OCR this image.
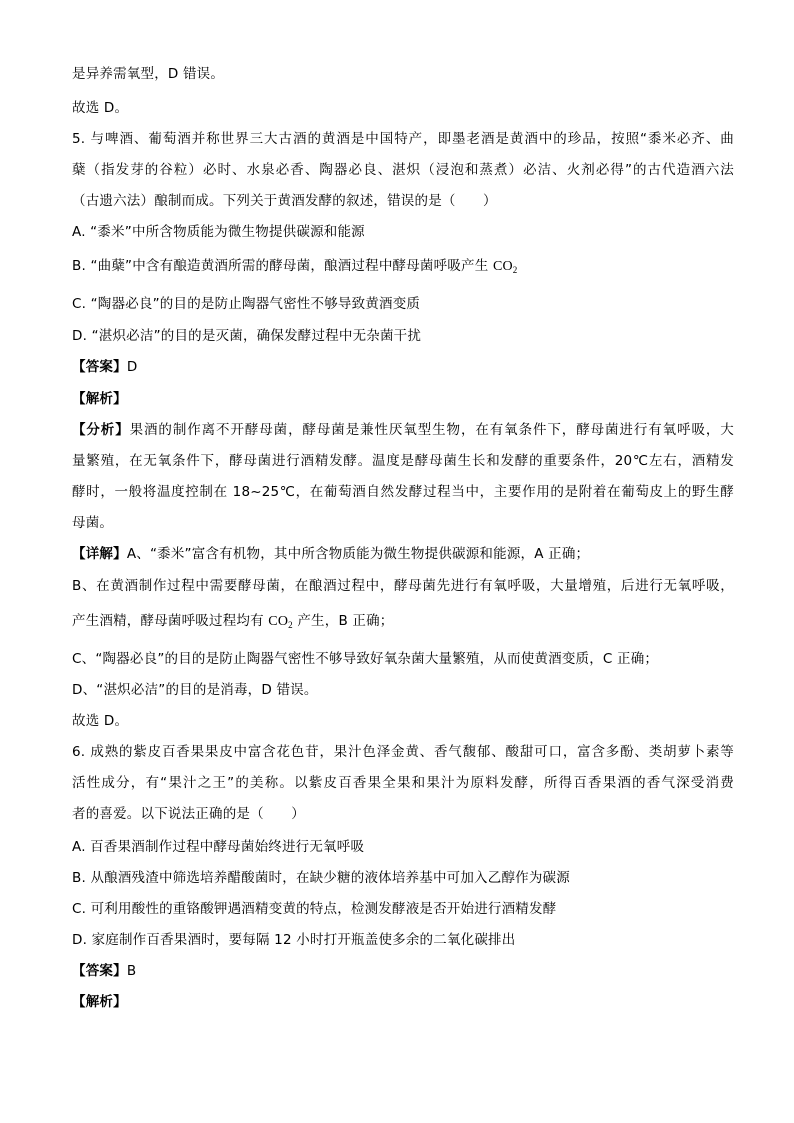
是异养需氧型，D 错误。
故选 D。
5. 与啤酒、葡萄酒并称世界三大古酒的黄酒是中国特产，即墨老酒是黄酒中的珍品，按照“黍米必齐、曲
蘖（指发芽的谷粒）必时、水泉必香、陶器必良、湛炽（浸泡和蒸煮）必洁、火剂必得”的古代造酒六法
（古遗六法）酿制而成。下列关于黄酒发酵的叙述，错误的是（　　）
A. “黍米”中所含物质能为微生物提供碳源和能源
B. “曲蘖”中含有酿造黄酒所需的酵母菌，酿酒过程中酵母菌呼吸产生 $CO_2$
C. “陶器必良”的目的是防止陶器气密性不够导致黄酒变质
D. “湛炽必洁”的目的是灭菌，确保发酵过程中无杂菌干扰
【答案】D
【解析】
【分析】果酒的制作离不开酵母菌，酵母菌是兼性厌氧型生物，在有氧条件下，酵母菌进行有氧呼吸，大
量繁殖，在无氧条件下，酵母菌进行酒精发酵。温度是酵母菌生长和发酵的重要条件，20℃左右，酒精发
酵时，一般将温度控制在 18~25℃，在葡萄酒自然发酵过程当中，主要作用的是附着在葡萄皮上的野生酵
母菌。
【详解】A、“黍米”富含有机物，其中所含物质能为微生物提供碳源和能源，A 正确；
B、在黄酒制作过程中需要酵母菌，在酿酒过程中，酵母菌先进行有氧呼吸，大量增殖，后进行无氧呼吸，
产生酒精，酵母菌呼吸过程均有 $CO_2$ 产生，B 正确；
C、“陶器必良”的目的是防止陶器气密性不够导致好氧杂菌大量繁殖，从而使黄酒变质，C 正确；
D、“湛炽必洁”的目的是消毒，D 错误。
故选 D。
6. 成熟的紫皮百香果果皮中富含花色苷，果汁色泽金黄、香气馥郁、酸甜可口，富含多酚、类胡萝卜素等
活性成分，有“果汁之王”的美称。以紫皮百香果全果和果汁为原料发酵，所得百香果酒的香气深受消费
者的喜爱。以下说法正确的是（　　）
A. 百香果酒制作过程中酵母菌始终进行无氧呼吸
B. 从酿酒残渣中筛选培养醋酸菌时，在缺少糖的液体培养基中可加入乙醇作为碳源
C. 可利用酸性的重铬酸钾遇酒精变黄的特点，检测发酵液是否开始进行酒精发酵
D. 家庭制作百香果酒时，要每隔 12 小时打开瓶盖使多余的二氧化碳排出
【答案】B
【解析】
